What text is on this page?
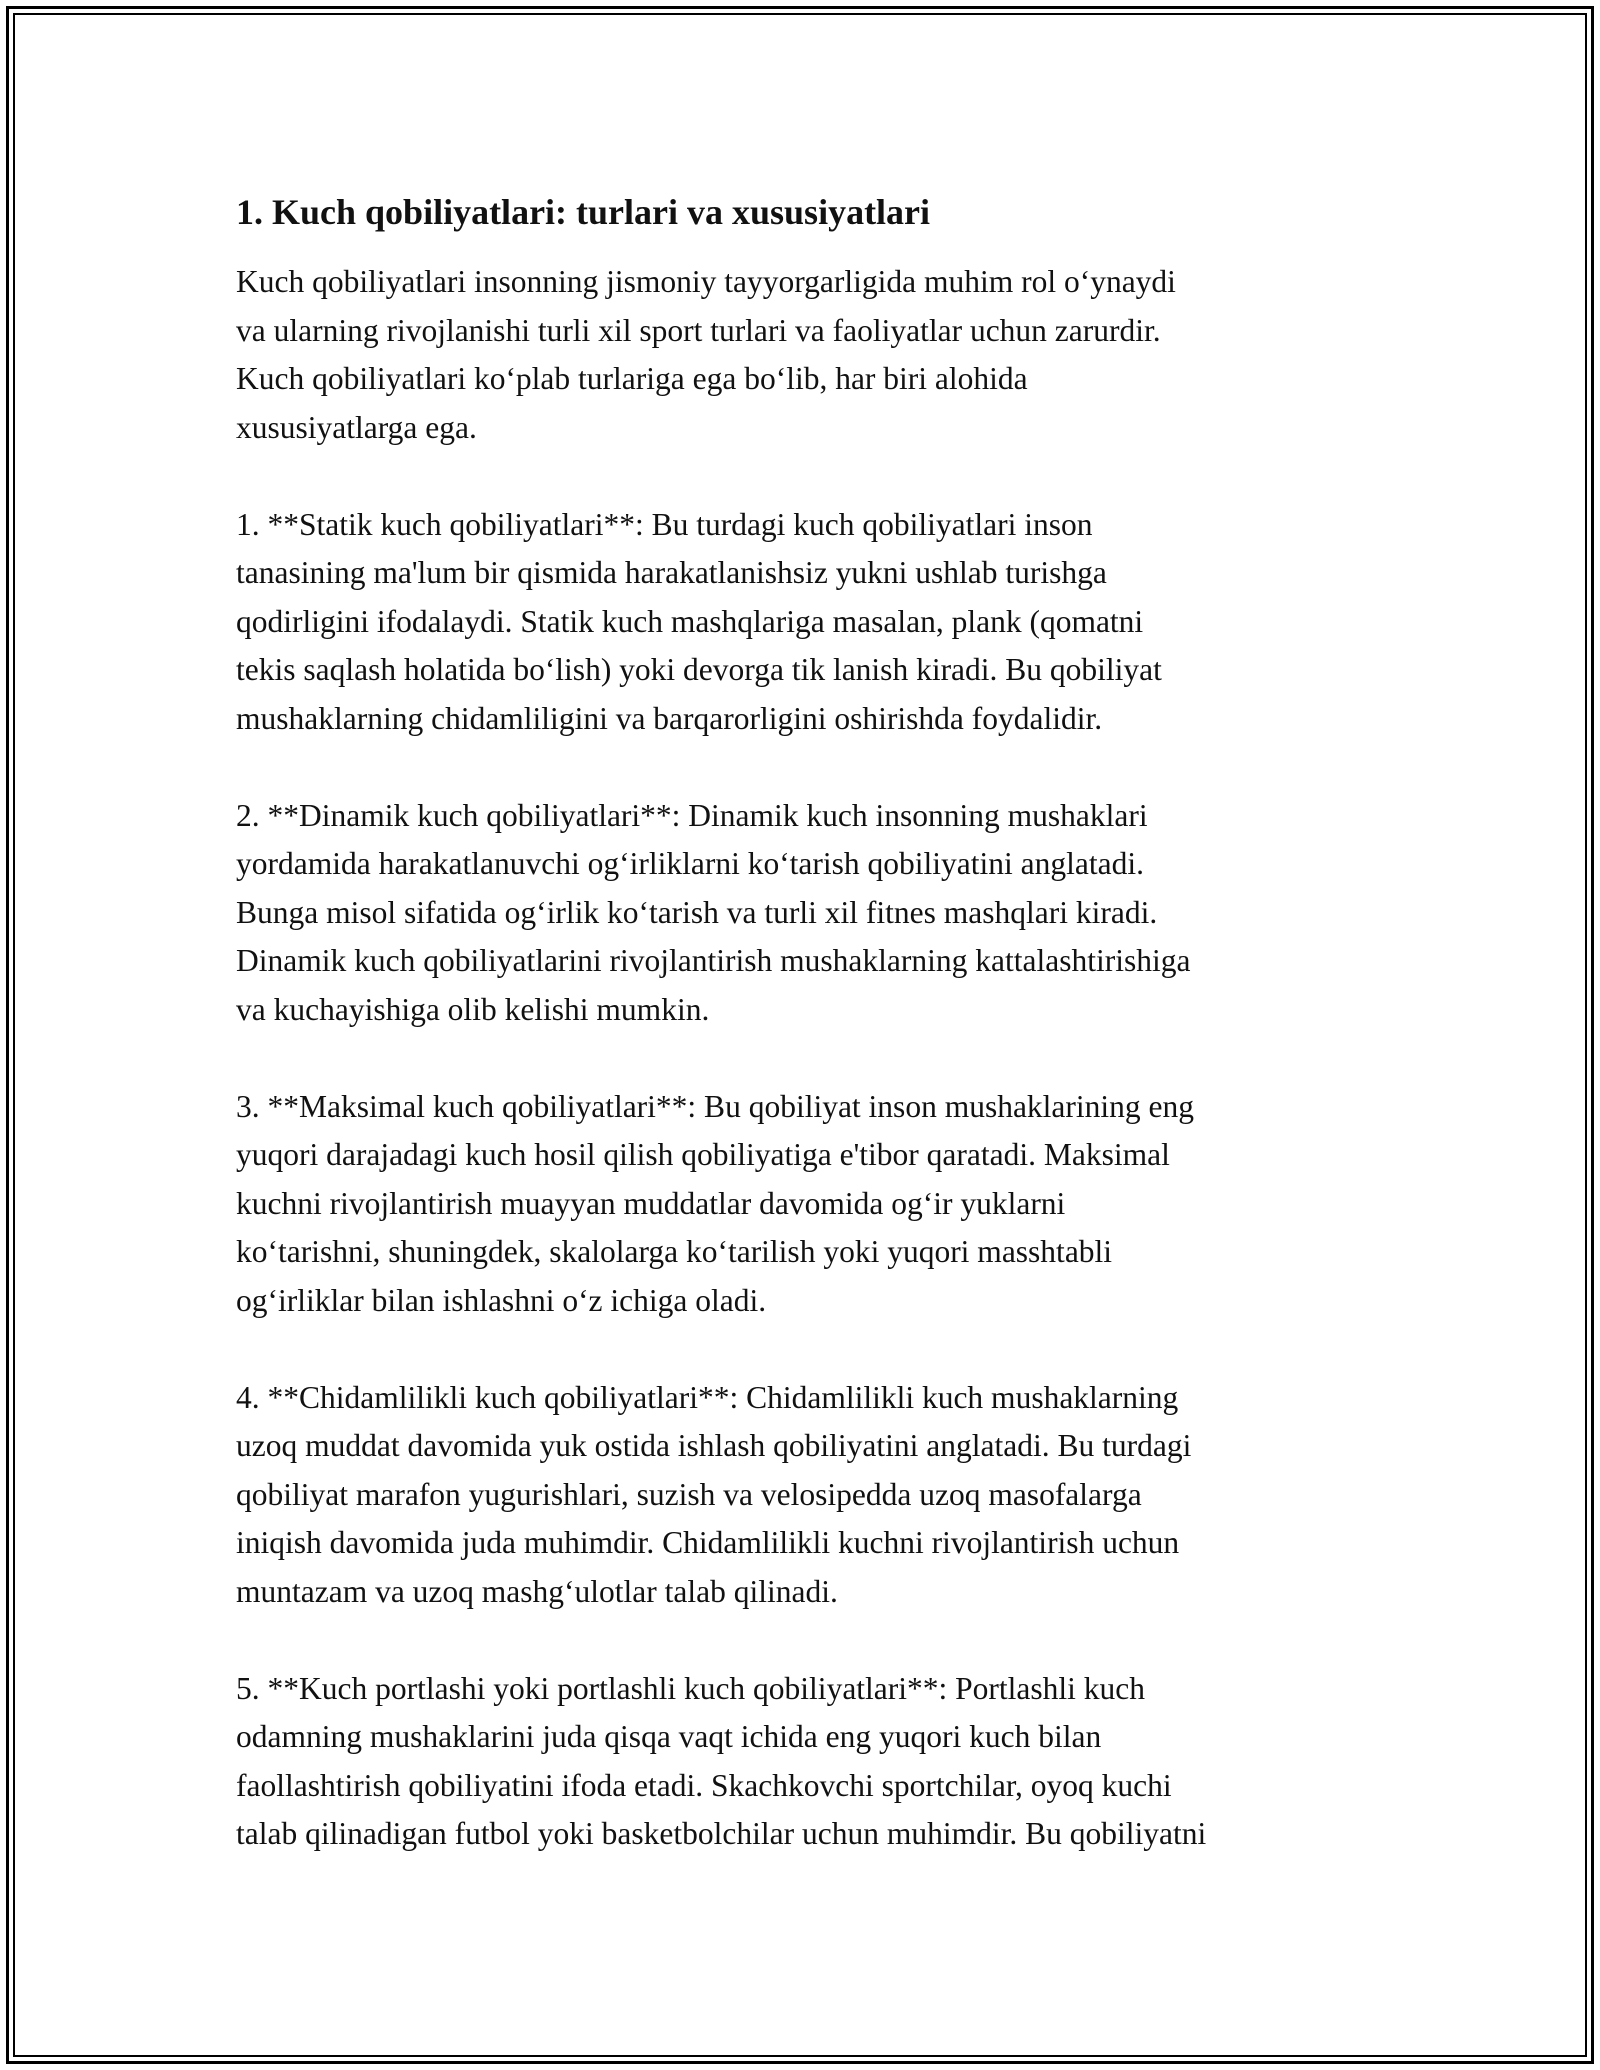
1. Kuch qobiliyatlari: turlari va xususiyatlari
Kuch qobiliyatlari insonning jismoniy tayyorgarligida muhim rol o‘ynaydi
va ularning rivojlanishi turli xil sport turlari va faoliyatlar uchun zarurdir.
Kuch qobiliyatlari ko‘plab turlariga ega bo‘lib, har biri alohida
xususiyatlarga ega.
1. **Statik kuch qobiliyatlari**: Bu turdagi kuch qobiliyatlari inson
tanasining ma'lum bir qismida harakatlanishsiz yukni ushlab turishga
qodirligini ifodalaydi. Statik kuch mashqlariga masalan, plank (qomatni
tekis saqlash holatida bo‘lish) yoki devorga tik lanish kiradi. Bu qobiliyat
mushaklarning chidamliligini va barqarorligini oshirishda foydalidir.
2. **Dinamik kuch qobiliyatlari**: Dinamik kuch insonning mushaklari
yordamida harakatlanuvchi og‘irliklarni ko‘tarish qobiliyatini anglatadi.
Bunga misol sifatida og‘irlik ko‘tarish va turli xil fitnes mashqlari kiradi.
Dinamik kuch qobiliyatlarini rivojlantirish mushaklarning kattalashtirishiga
va kuchayishiga olib kelishi mumkin.
3. **Maksimal kuch qobiliyatlari**: Bu qobiliyat inson mushaklarining eng
yuqori darajadagi kuch hosil qilish qobiliyatiga e'tibor qaratadi. Maksimal
kuchni rivojlantirish muayyan muddatlar davomida og‘ir yuklarni
ko‘tarishni, shuningdek, skalolarga ko‘tarilish yoki yuqori masshtabli
og‘irliklar bilan ishlashni o‘z ichiga oladi.
4. **Chidamlilikli kuch qobiliyatlari**: Chidamlilikli kuch mushaklarning
uzoq muddat davomida yuk ostida ishlash qobiliyatini anglatadi. Bu turdagi
qobiliyat marafon yugurishlari, suzish va velosipedda uzoq masofalarga
iniqish davomida juda muhimdir. Chidamlilikli kuchni rivojlantirish uchun
muntazam va uzoq mashg‘ulotlar talab qilinadi.
5. **Kuch portlashi yoki portlashli kuch qobiliyatlari**: Portlashli kuch
odamning mushaklarini juda qisqa vaqt ichida eng yuqori kuch bilan
faollashtirish qobiliyatini ifoda etadi. Skachkovchi sportchilar, oyoq kuchi
talab qilinadigan futbol yoki basketbolchilar uchun muhimdir. Bu qobiliyatni
